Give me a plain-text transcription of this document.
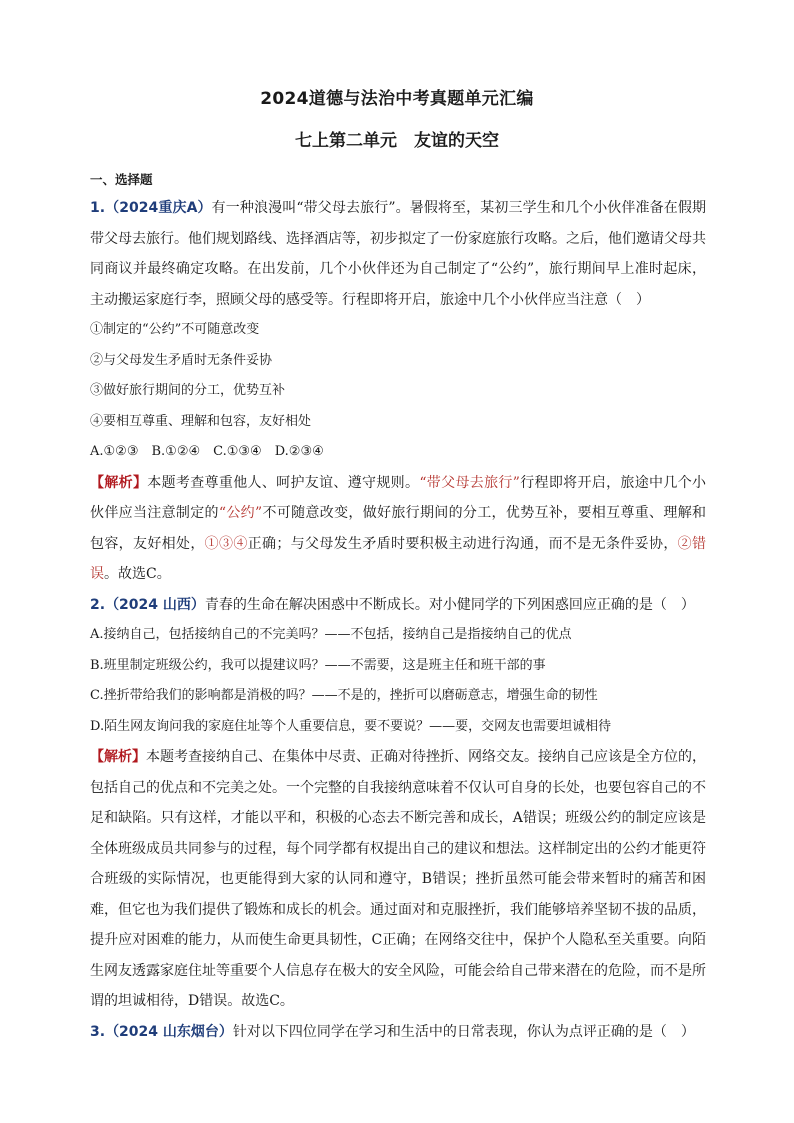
2024道德与法治中考真题单元汇编
七上第二单元　友谊的天空
一、选择题

1.（2024重庆A）有一种浪漫叫“带父母去旅行”。暑假将至，某初三学生和几个小伙伴准备在假期带父母去旅行。他们规划路线、选择酒店等，初步拟定了一份家庭旅行攻略。之后，他们邀请父母共同商议并最终确定攻略。在出发前，几个小伙伴还为自己制定了“公约”，旅行期间早上准时起床，主动搬运家庭行李，照顾父母的感受等。行程即将开启，旅途中几个小伙伴应当注意（　）

①制定的“公约”不可随意改变

②与父母发生矛盾时无条件妥协

③做好旅行期间的分工，优势互补

④要相互尊重、理解和包容，友好相处

A.①②③　B.①②④　C.①③④　D.②③④

【解析】本题考查尊重他人、呵护友谊、遵守规则。“带父母去旅行”行程即将开启，旅途中几个小伙伴应当注意制定的“公约”不可随意改变，做好旅行期间的分工，优势互补，要相互尊重、理解和包容，友好相处，①③④正确；与父母发生矛盾时要积极主动进行沟通，而不是无条件妥协，②错误。故选C。

2.（2024 山西）青春的生命在解决困惑中不断成长。对小健同学的下列困惑回应正确的是（　）

A.接纳自己，包括接纳自己的不完美吗？——不包括，接纳自己是指接纳自己的优点

B.班里制定班级公约，我可以提建议吗？——不需要，这是班主任和班干部的事

C.挫折带给我们的影响都是消极的吗？——不是的，挫折可以磨砺意志，增强生命的韧性

D.陌生网友询问我的家庭住址等个人重要信息，要不要说？——要，交网友也需要坦诚相待

【解析】本题考查接纳自己、在集体中尽责、正确对待挫折、网络交友。接纳自己应该是全方位的，包括自己的优点和不完美之处。一个完整的自我接纳意味着不仅认可自身的长处，也要包容自己的不足和缺陷。只有这样，才能以平和，积极的心态去不断完善和成长，A错误；班级公约的制定应该是全体班级成员共同参与的过程，每个同学都有权提出自己的建议和想法。这样制定出的公约才能更符合班级的实际情况，也更能得到大家的认同和遵守，B错误；挫折虽然可能会带来暂时的痛苦和困难，但它也为我们提供了锻炼和成长的机会。通过面对和克服挫折，我们能够培养坚韧不拔的品质，提升应对困难的能力，从而使生命更具韧性，C正确；在网络交往中，保护个人隐私至关重要。向陌生网友透露家庭住址等重要个人信息存在极大的安全风险，可能会给自己带来潜在的危险，而不是所谓的坦诚相待，D错误。故选C。

3.（2024 山东烟台）针对以下四位同学在学习和生活中的日常表现，你认为点评正确的是（　）
